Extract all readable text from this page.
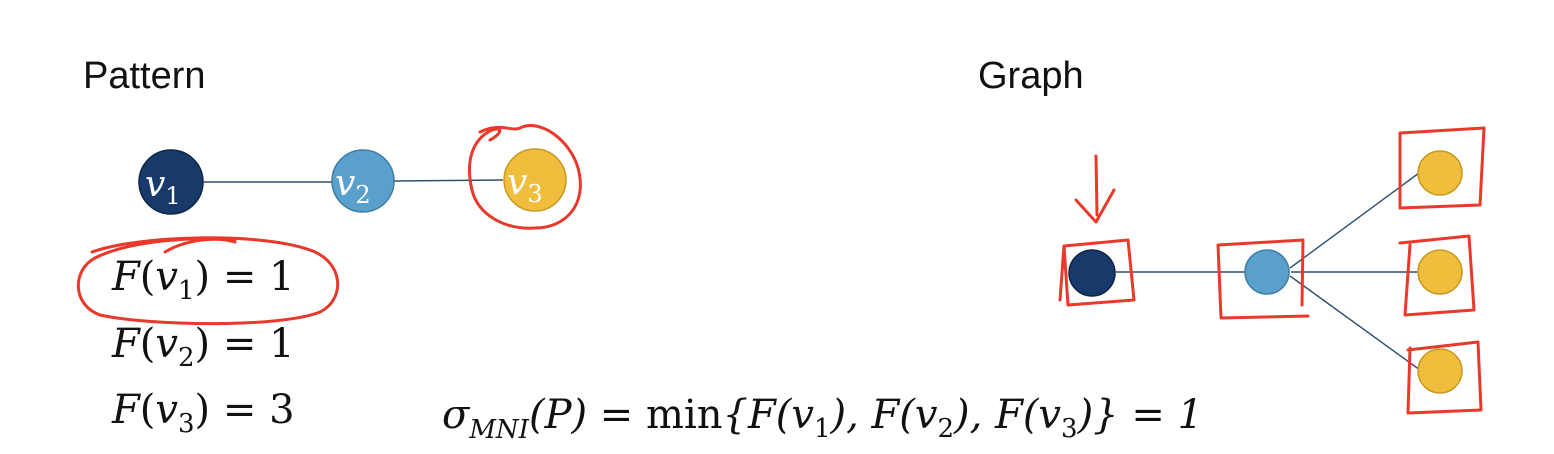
Pattern	Graph
$v_1$	$v_2$	$v_3$
$F(v_1) = 1$
$F(v_2) = 1$
$F(v_3) = 3$	$\sigma_{MNI}(P) = \min\{F(v_1)$, $F(v_2)$, $F(v_3)\} = 1$
